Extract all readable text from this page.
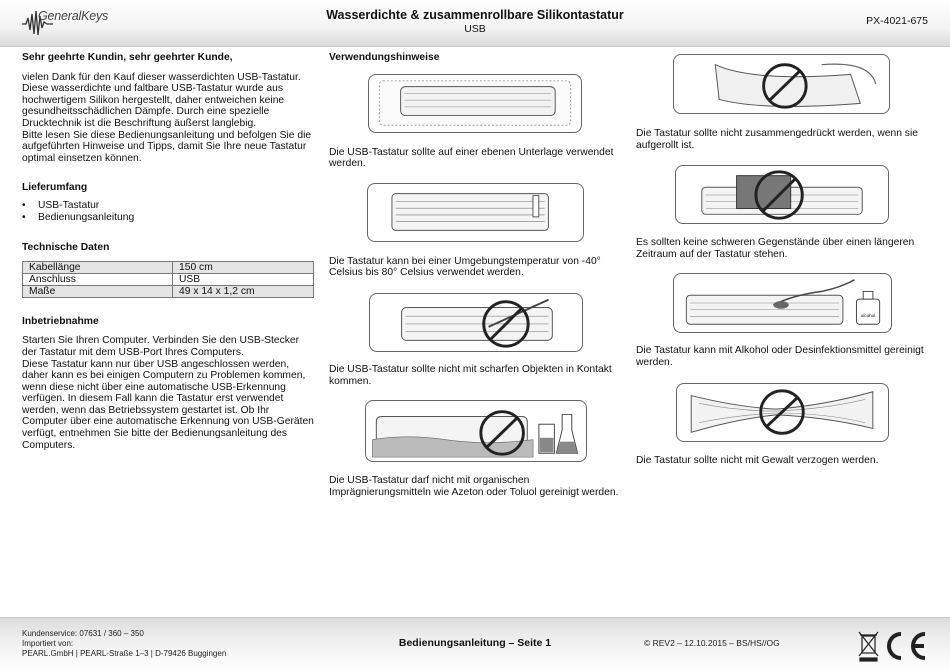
GeneralKeys	Wasserdichte & zusammenrollbare Silikontastatur
USB
PX-4021-675
Sehr geehrte Kundin, sehr geehrter Kunde,
vielen Dank für den Kauf dieser wasserdichten USB-Tastatur.
Diese wasserdichte und faltbare USB-Tastatur wurde aus
hochwertigem Silikon hergestellt, daher entweichen keine
gesundheitsschädlichen Dämpfe. Durch eine spezielle
Drucktechnik ist die Beschriftung äußerst langlebig.
Bitte lesen Sie diese Bedienungsanleitung und befolgen Sie die
aufgeführten Hinweise und Tipps, damit Sie Ihre neue Tastatur
optimal einsetzen können.
Lieferumfang
• USB-Tastatur
• Bedienungsanleitung
Technische Daten
Kabellänge	150 cm
Anschluss	USB
Maße	49 x 14 x 1,2 cm
Inbetriebnahme
Starten Sie Ihren Computer. Verbinden Sie den USB-Stecker
der Tastatur mit dem USB-Port Ihres Computers.
Diese Tastatur kann nur über USB angeschlossen werden,
daher kann es bei einigen Computern zu Problemen kommen,
wenn diese nicht über eine automatische USB-Erkennung
verfügen. In diesem Fall kann die Tastatur erst verwendet
werden, wenn das Betriebssystem gestartet ist. Ob Ihr
Computer über eine automatische Erkennung von USB-Geräten
verfügt, entnehmen Sie bitte der Bedienungsanleitung des
Computers.
Verwendungshinweise
Die USB-Tastatur sollte auf einer ebenen Unterlage verwendet
werden.
Die Tastatur kann bei einer Umgebungstemperatur von -40°
Celsius bis 80° Celsius verwendet werden.
Die USB-Tastatur sollte nicht mit scharfen Objekten in Kontakt
kommen.
Die USB-Tastatur darf nicht mit organischen
Imprägnierungsmitteln wie Azeton oder Toluol gereinigt werden.
Die Tastatur sollte nicht zusammengedrückt werden, wenn sie
aufgerollt ist.
Es sollten keine schweren Gegenstände über einen längeren
Zeitraum auf der Tastatur stehen.
alcohol
Die Tastatur kann mit Alkohol oder Desinfektionsmittel gereinigt
werden.
Die Tastatur sollte nicht mit Gewalt verzogen werden.
Kundenservice: 07631 / 360 – 350
Importiert von:
PEARL.GmbH | PEARL-Straße 1–3 | D-79426 Buggingen
Bedienungsanleitung – Seite 1	© REV2 – 12.10.2015 – BS/HS//OG
